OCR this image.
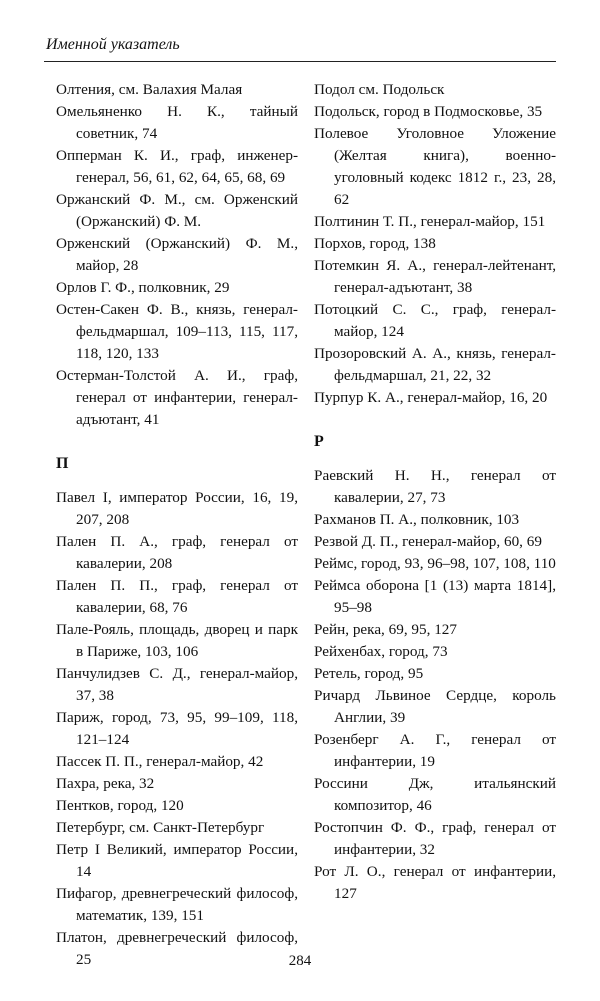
Именной указатель

Олтения, см. Валахия Малая

Омельяненко Н. К., тайный советник, 74

Опперман К. И., граф, инженер-генерал, 56, 61, 62, 64, 65, 68, 69

Оржанский Ф. М., см. Орженский (Оржанский) Ф. М.

Орженский (Оржанский) Ф. М., майор, 28

Орлов Г. Ф., полковник, 29

Остен-Сакен Ф. В., князь, генерал-фельдмаршал, 109–113, 115, 117, 118, 120, 133

Остерман-Толстой А. И., граф, генерал от инфантерии, генерал-адъютант, 41

П

Павел I, император России, 16, 19, 207, 208

Пален П. А., граф, генерал от кавалерии, 208

Пален П. П., граф, генерал от кавалерии, 68, 76

Пале-Рояль, площадь, дворец и парк в Париже, 103, 106

Панчулидзев С. Д., генерал-майор, 37, 38

Париж, город, 73, 95, 99–109, 118, 121–124

Пассек П. П., генерал-майор, 42

Пахра, река, 32

Пентков, город, 120

Петербург, см. Санкт-Петербург

Петр I Великий, император России, 14

Пифагор, древнегреческий философ, математик, 139, 151

Платон, древнегреческий философ, 25

Подол см. Подольск

Подольск, город в Подмосковье, 35

Полевое Уголовное Уложение (Желтая книга), военно-уголовный кодекс 1812 г., 23, 28, 62

Полтинин Т. П., генерал-майор, 151

Порхов, город, 138

Потемкин Я. А., генерал-лейтенант, генерал-адъютант, 38

Потоцкий С. С., граф, генерал-майор, 124

Прозоровский А. А., князь, генерал-фельдмаршал, 21, 22, 32

Пурпур К. А., генерал-майор, 16, 20

Р

Раевский Н. Н., генерал от кавалерии, 27, 73

Рахманов П. А., полковник, 103

Резвой Д. П., генерал-майор, 60, 69

Реймс, город, 93, 96–98, 107, 108, 110

Реймса оборона [1 (13) марта 1814], 95–98

Рейн, река, 69, 95, 127

Рейхенбах, город, 73

Ретель, город, 95

Ричард Львиное Сердце, король Англии, 39

Розенберг А. Г., генерал от инфантерии, 19

Россини Дж, итальянский композитор, 46

Ростопчин Ф. Ф., граф, генерал от инфантерии, 32

Рот Л. О., генерал от инфантерии, 127

284
